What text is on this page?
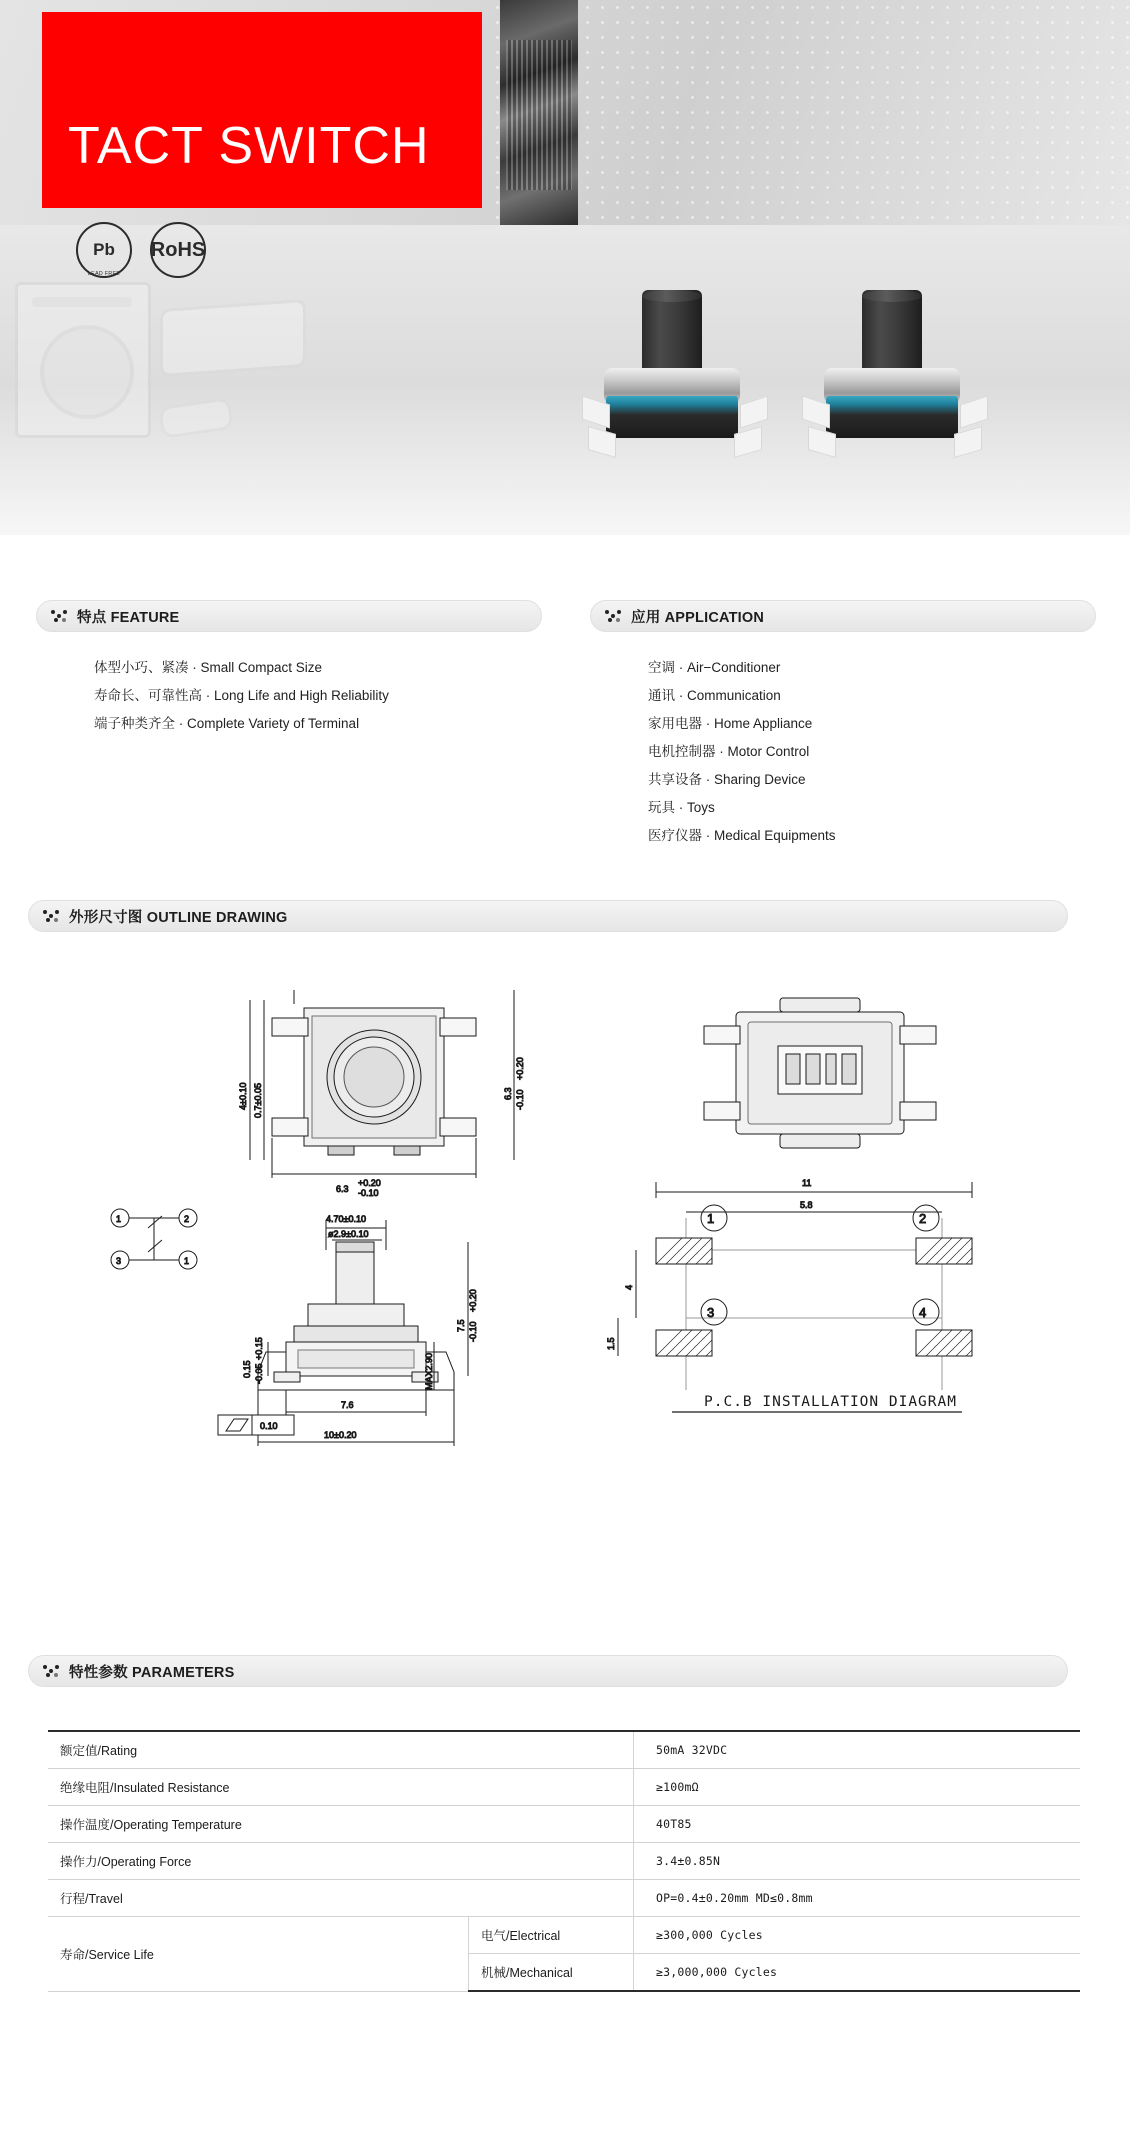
TACT SWITCH
Pb
LEAD FREE
RoHS
特点 FEATURE
体型小巧、紧凑 · Small Compact Size
寿命长、可靠性高 · Long Life and High Reliability
端子种类齐全 · Complete Variety of Terminal
应用 APPLICATION
空调 · Air−Conditioner
通讯 · Communication
家用电器 · Home Appliance
电机控制器 · Motor Control
共享设备 · Sharing Device
玩具 · Toys
医疗仪器 · Medical Equipments
外形尺寸图 OUTLINE DRAWING
4±0.10 0.7±0.05	6.3
+0.20
-0.10
6.3
+0.20
-0.10
1	2
3	1
4.70±0.10
ø2.9±0.10
7.5
+0.20
-0.10
MAX2.90
0.15
+0.15
-0.05
7.6
10±0.20
0.10
11
5.8
1	2
3	4
4
1.5
P.C.B INSTALLATION DIAGRAM
特性参数 PARAMETERS
额定值/Rating		50mA 32VDC
绝缘电阻/Insulated Resistance		≥100mΩ
操作温度/Operating Temperature		40T85
操作力/Operating Force		3.4±0.85N
行程/Travel		OP=0.4±0.20mm MD≤0.8mm
寿命/Service Life	电气/Electrical	≥300,000 Cycles
	机械/Mechanical	≥3,000,000 Cycles
